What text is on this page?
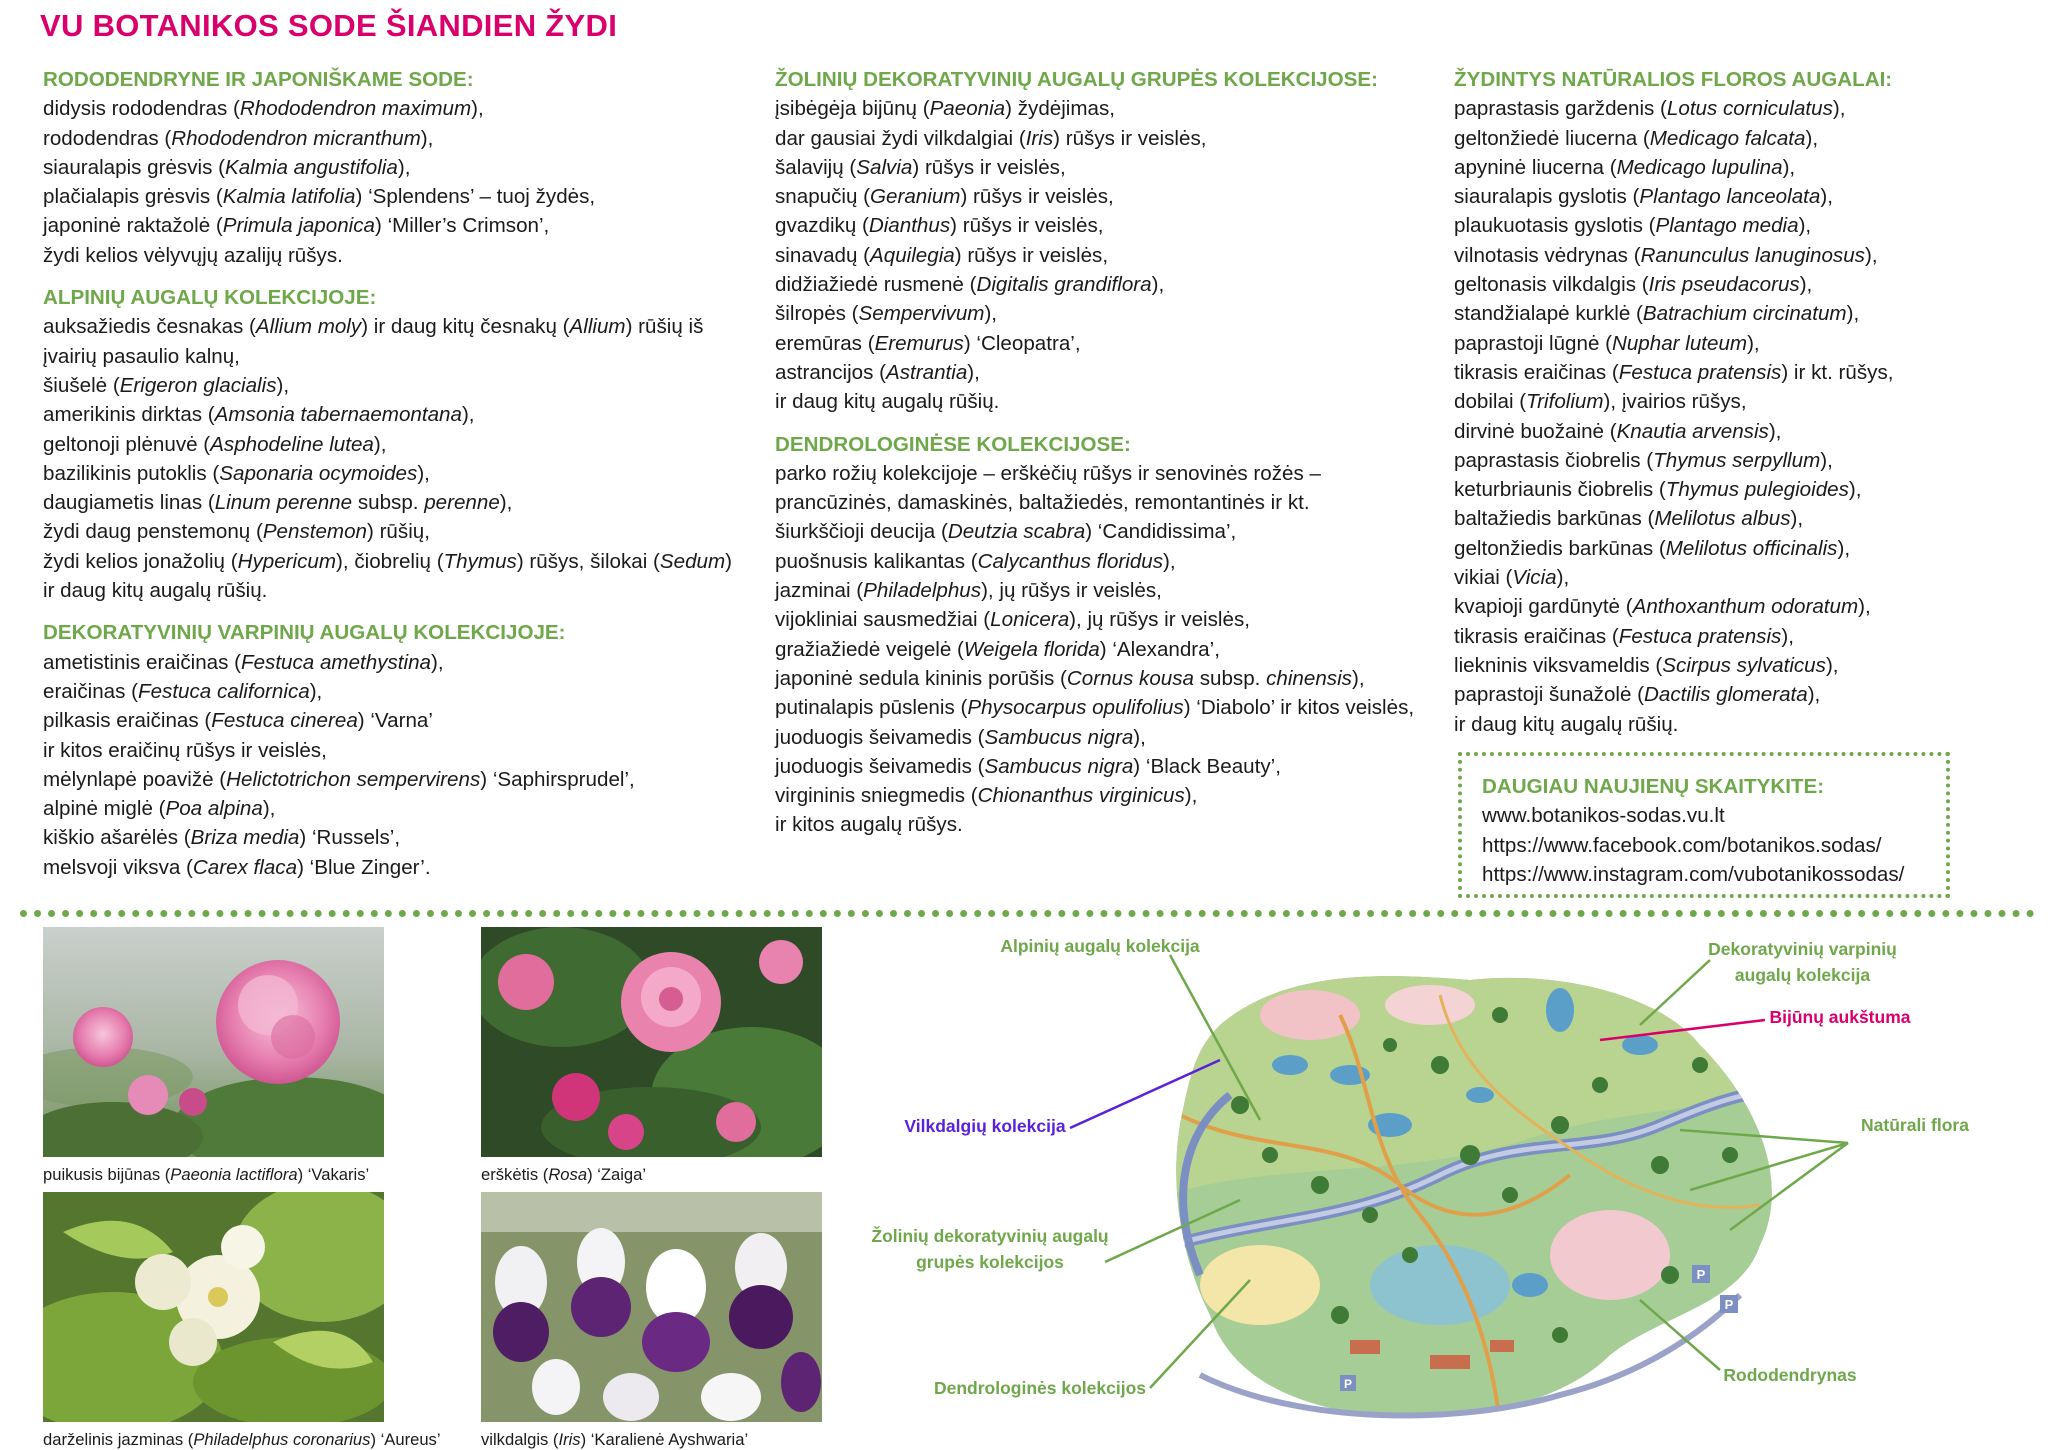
VU BOTANIKOS SODE ŠIANDIEN ŽYDI
RODODENDRYNE IR JAPONIŠKAME SODE:
didysis rododendras (Rhododendron maximum),
rododendras (Rhododendron micranthum),
siauralapis grėsvis (Kalmia angustifolia),
plačialapis grėsvis (Kalmia latifolia) ‘Splendens’ – tuoj žydės,
japoninė raktažolė (Primula japonica) ‘Miller’s Crimson’,
žydi kelios vėlyvųjų azalijų rūšys.
ALPINIŲ AUGALŲ KOLEKCIJOJE:
auksažiedis česnakas (Allium moly) ir daug kitų česnakų (Allium) rūšių iš
įvairių pasaulio kalnų,
šiušelė (Erigeron glacialis),
amerikinis dirktas (Amsonia tabernaemontana),
geltonoji plėnuvė (Asphodeline lutea),
bazilikinis putoklis (Saponaria ocymoides),
daugiametis linas (Linum perenne subsp. perenne),
žydi daug penstemonų (Penstemon) rūšių,
žydi kelios jonažolių (Hypericum), čiobrelių (Thymus) rūšys, šilokai (Sedum)
ir daug kitų augalų rūšių.
DEKORATYVINIŲ VARPINIŲ AUGALŲ KOLEKCIJOJE:
ametistinis eraičinas (Festuca amethystina),
eraičinas (Festuca californica),
pilkasis eraičinas (Festuca cinerea) ‘Varna’
ir kitos eraičinų rūšys ir veislės,
mėlynlapė poavižė (Helictotrichon sempervirens) ‘Saphirsprudel’,
alpinė miglė (Poa alpina),
kiškio ašarėlės (Briza media) ‘Russels’,
melsvoji viksva (Carex flaca) ‘Blue Zinger’.
ŽOLINIŲ DEKORATYVINIŲ AUGALŲ GRUPĖS KOLEKCIJOSE:
įsibėgėja bijūnų (Paeonia) žydėjimas,
dar gausiai žydi vilkdalgiai (Iris) rūšys ir veislės,
šalavijų (Salvia) rūšys ir veislės,
snapučių (Geranium) rūšys ir veislės,
gvazdikų (Dianthus) rūšys ir veislės,
sinavadų (Aquilegia) rūšys ir veislės,
didžiažiedė rusmenė (Digitalis grandiflora),
šilropės (Sempervivum),
eremūras (Eremurus) ‘Cleopatra’,
astrancijos (Astrantia),
ir daug kitų augalų rūšių.
DENDROLOGINĖSE KOLEKCIJOSE:
parko rožių kolekcijoje – erškėčių rūšys ir senovinės rožės –
prancūzinės, damaskinės, baltažiedės, remontantinės ir kt.
šiurkščioji deucija (Deutzia scabra) ‘Candidissima’,
puošnusis kalikantas (Calycanthus floridus),
jazminai (Philadelphus), jų rūšys ir veislės,
vijokliniai sausmedžiai (Lonicera), jų rūšys ir veislės,
gražiažiedė veigelė (Weigela florida) ‘Alexandra’,
japoninė sedula kininis porūšis (Cornus kousa subsp. chinensis),
putinalapis pūslenis (Physocarpus opulifolius) ‘Diabolo’ ir kitos veislės,
juoduogis šeivamedis (Sambucus nigra),
juoduogis šeivamedis (Sambucus nigra) ‘Black Beauty’,
virgininis sniegmedis (Chionanthus virginicus),
ir kitos augalų rūšys.
ŽYDINTYS NATŪRALIOS FLOROS AUGALAI:
paprastasis garždenis (Lotus corniculatus),
geltonžiedė liucerna (Medicago falcata),
apyninė liucerna (Medicago lupulina),
siauralapis gyslotis (Plantago lanceolata),
plaukuotasis gyslotis (Plantago media),
vilnotasis vėdrynas (Ranunculus lanuginosus),
geltonasis vilkdalgis (Iris pseudacorus),
standžialapė kurklė (Batrachium circinatum),
paprastoji lūgnė (Nuphar luteum),
tikrasis eraičinas (Festuca pratensis) ir kt. rūšys,
dobilai (Trifolium), įvairios rūšys,
dirvinė buožainė (Knautia arvensis),
paprastasis čiobrelis (Thymus serpyllum),
keturbriaunis čiobrelis (Thymus pulegioides),
baltažiedis barkūnas (Melilotus albus),
geltonžiedis barkūnas (Melilotus officinalis),
vikiai (Vicia),
kvapioji gardūnytė (Anthoxanthum odoratum),
tikrasis eraičinas (Festuca pratensis),
liekninis viksvameldis (Scirpus sylvaticus),
paprastoji šunažolė (Dactilis glomerata),
ir daug kitų augalų rūšių.
DAUGIAU NAUJIENŲ SKAITYKITE:
www.botanikos-sodas.vu.lt
https://www.facebook.com/botanikos.sodas/
https://www.instagram.com/vubotanikossodas/
puikusis bijūnas (Paeonia lactiflora) ‘Vakaris’	erškėtis (Rosa) ‘Zaiga’
darželinis jazminas (Philadelphus coronarius) ‘Aureus’ vilkdalgis (Iris) ‘Karalienė Ayshwaria’
P
P
P
Alpinių augalų kolekcija	Dekoratyvinių varpinių augalų kolekcija
Bijūnų aukštuma
Vilkdalgių kolekcija	Natūrali flora
Žolinių dekoratyvinių augalų grupės kolekcijos
Rododendrynas
Dendrologinės kolekcijos
